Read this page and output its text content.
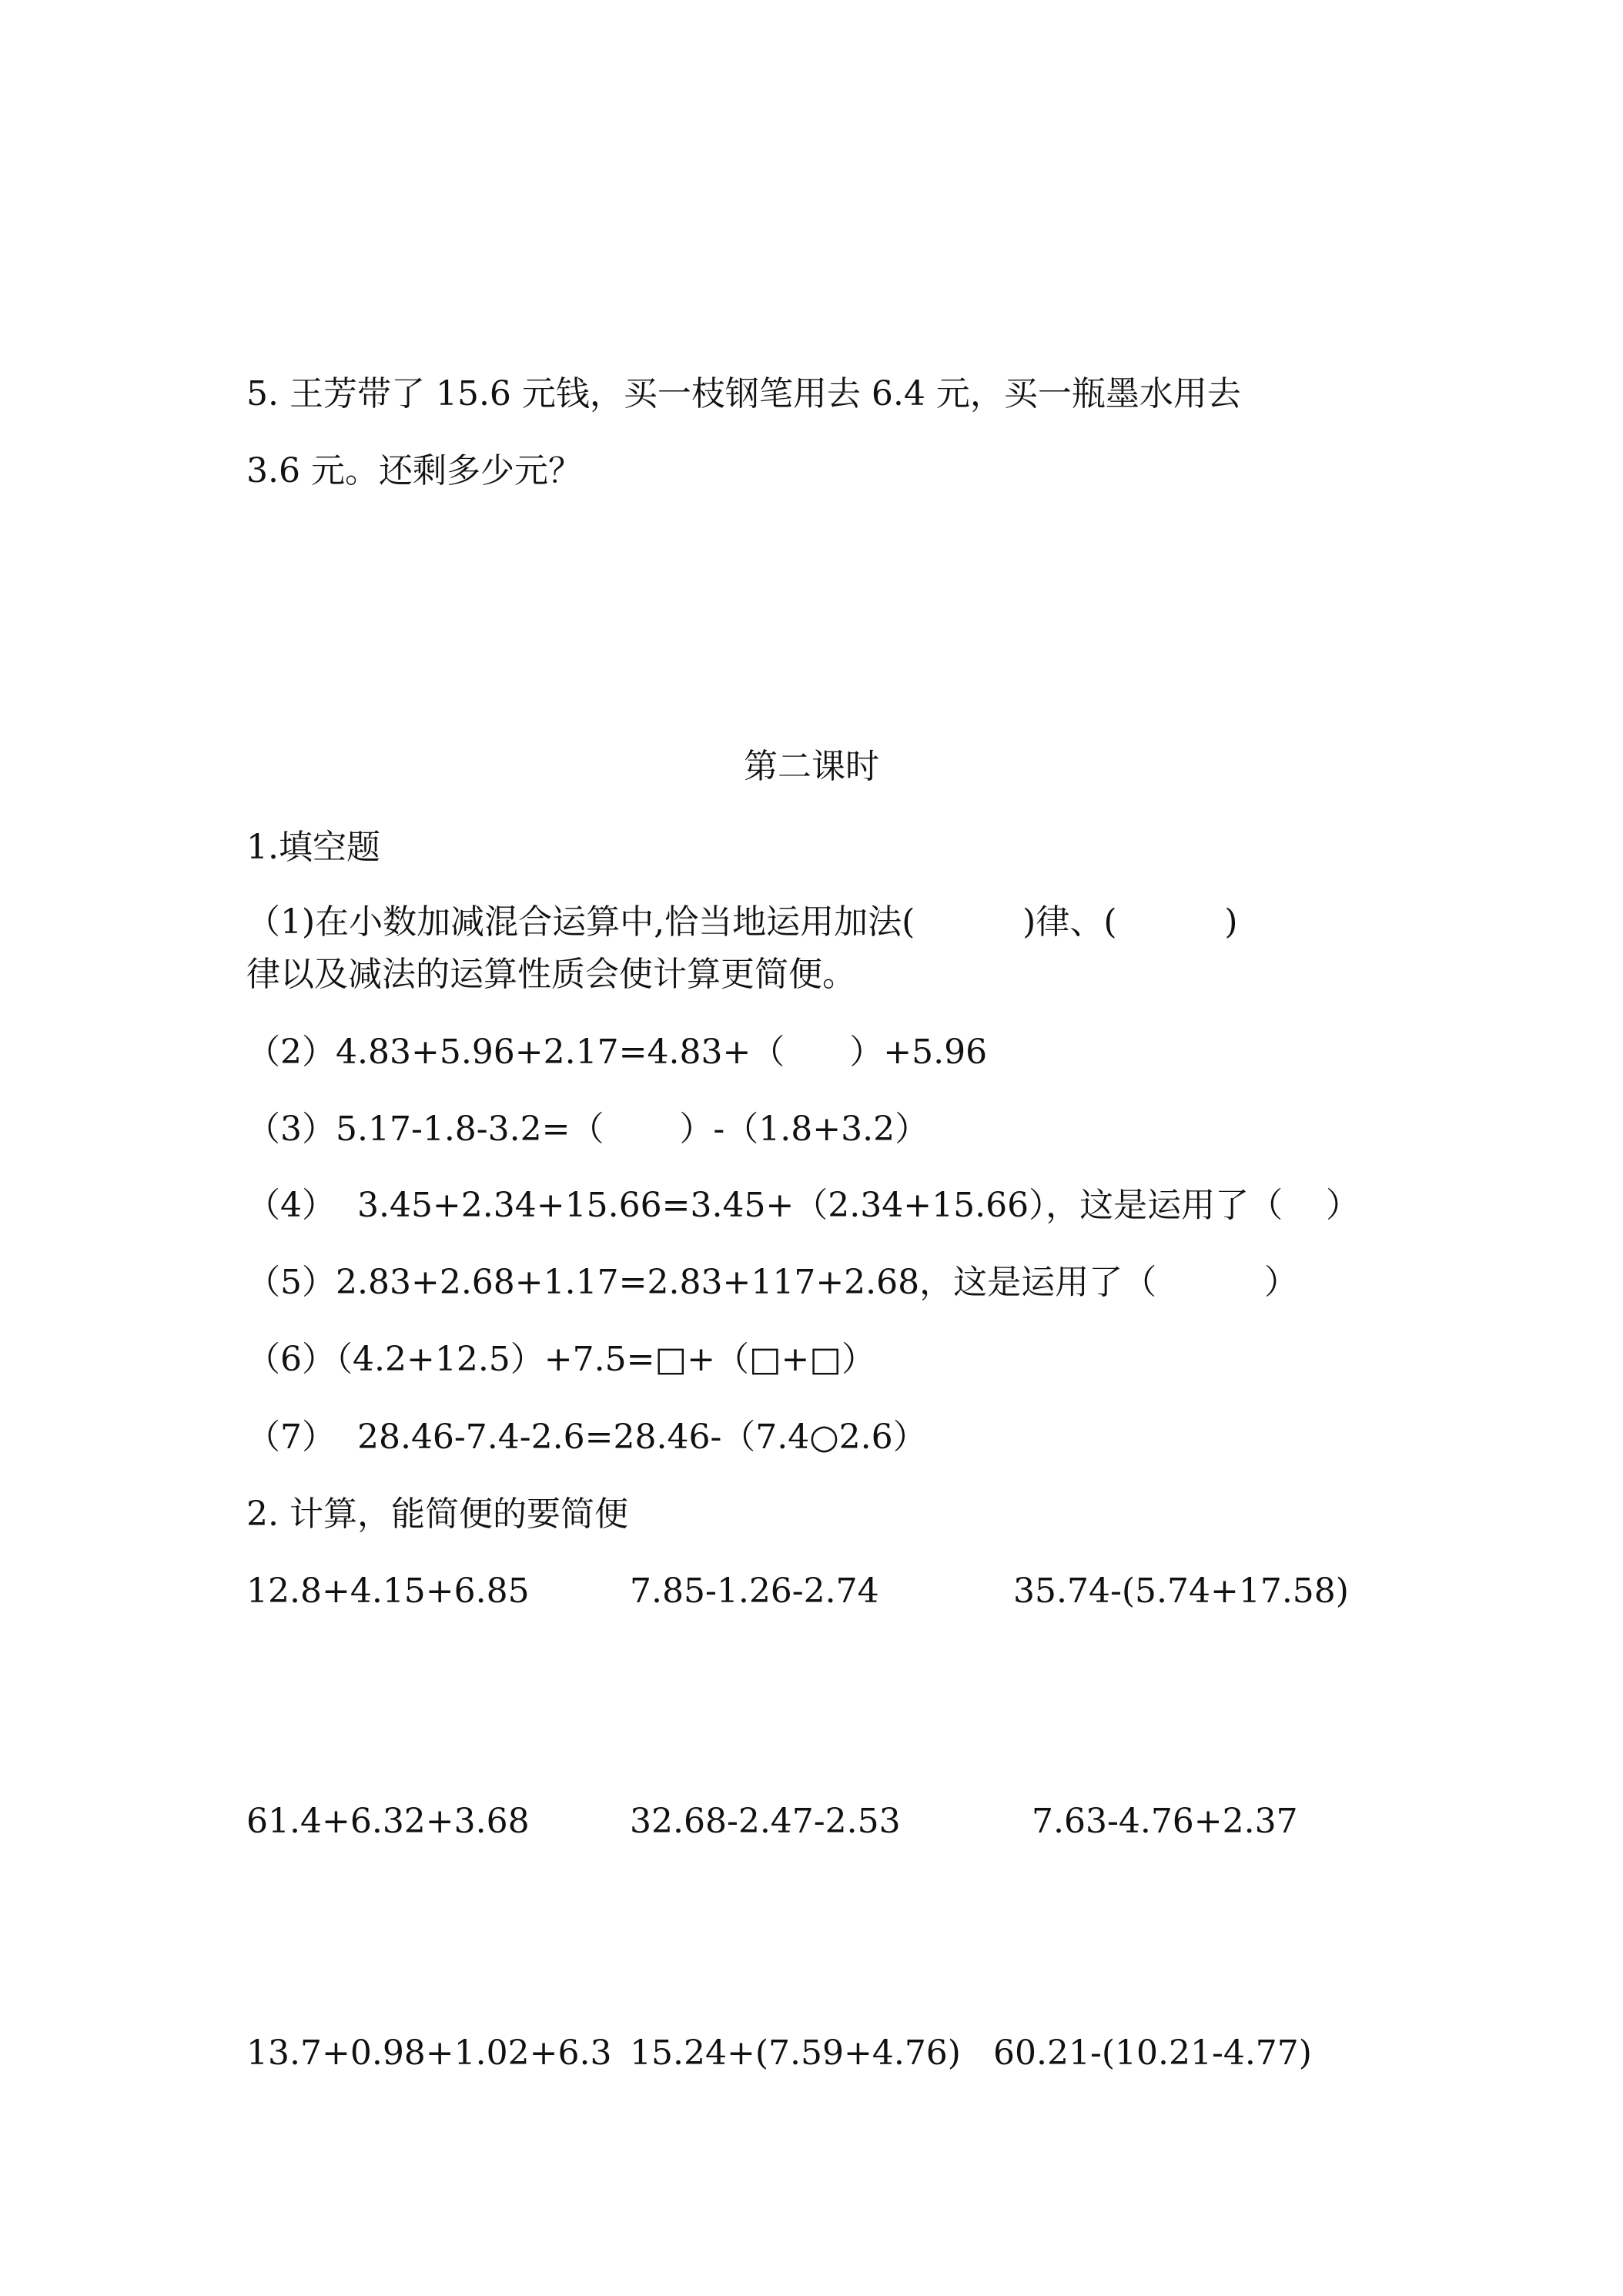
5. 王芳带了 15.6 元钱，买一枝钢笔用去 6.4 元，买一瓶墨水用去
3.6 元。还剩多少元？
第二课时
1.填空题
（1)在小数加减混合运算中,恰当地运用加法(          )律、(          )
律以及减法的运算性质会使计算更简便。
（2）4.83+5.96+2.17=4.83+（      ）+5.96
（3）5.17-1.8-3.2=（       ）-（1.8+3.2）
（4）  3.45+2.34+15.66=3.45+（2.34+15.66），这是运用了（    ）
（5）2.83+2.68+1.17=2.83+117+2.68，这是运用了（          ）
（6）（4.2+12.5）+7.5=□+（□+□）
（7）  28.46-7.4-2.6=28.46-（7.4○2.6）
2. 计算，能简便的要简便
12.8+4.15+6.85	7.85-1.26-2.74	35.74-(5.74+17.58)
61.4+6.32+3.68	32.68-2.47-2.53	7.63-4.76+2.37
13.7+0.98+1.02+6.3 15.24+(7.59+4.76) 60.21-(10.21-4.77)
